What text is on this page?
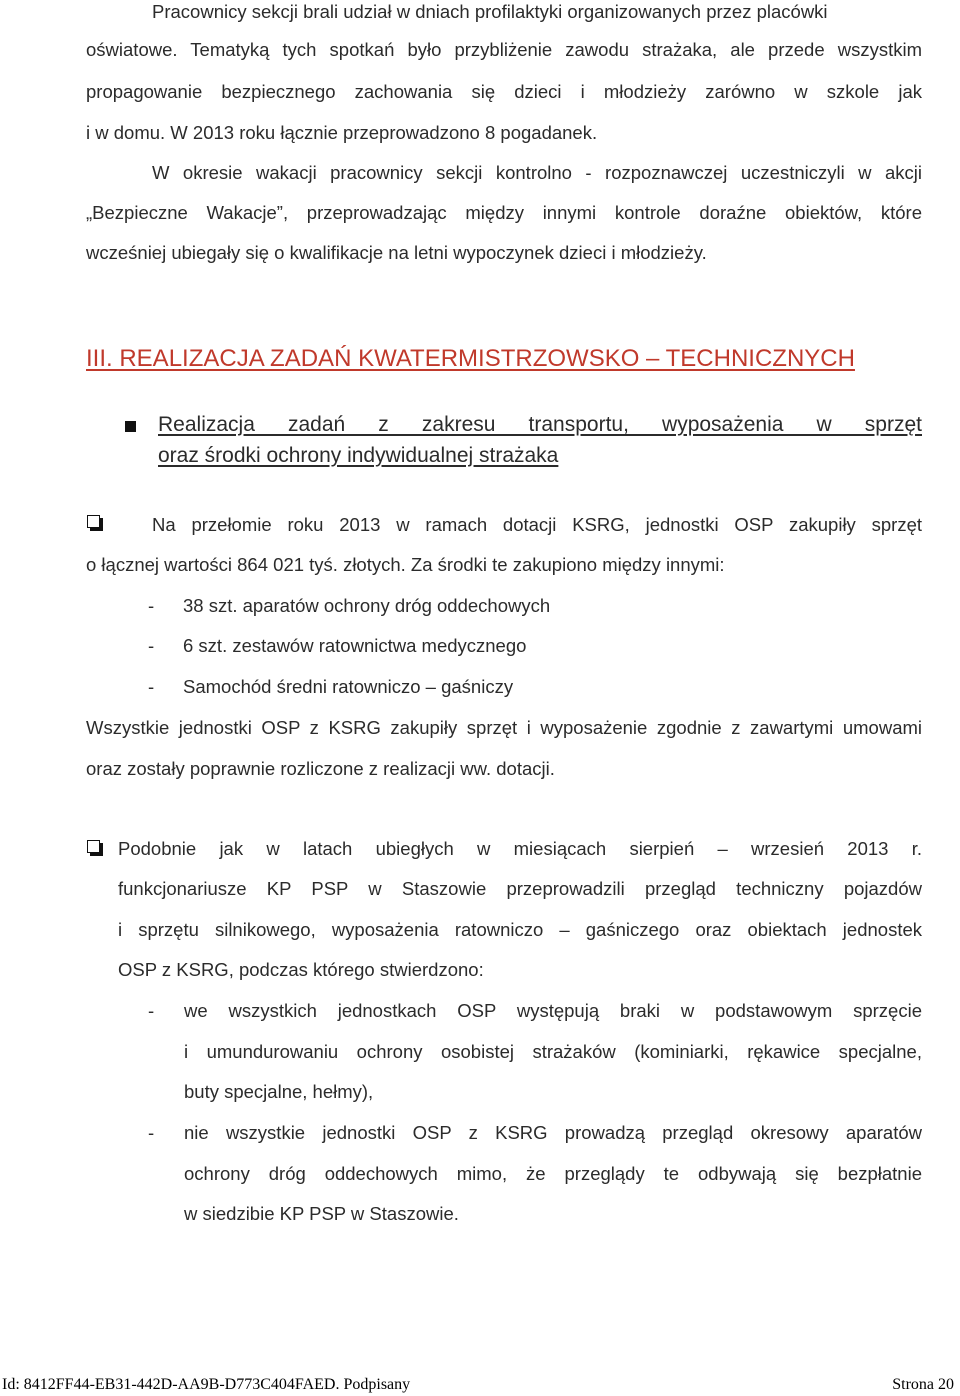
Pracownicy sekcji brali udział w dniach profilaktyki organizowanych przez placówki
oświatowe. Tematyką tych spotkań było przybliżenie zawodu strażaka, ale przede wszystkim
propagowanie bezpiecznego zachowania się dzieci i młodzieży zarówno w szkole jak
i w domu. W 2013 roku łącznie przeprowadzono 8 pogadanek.
W okresie wakacji pracownicy sekcji kontrolno - rozpoznawczej uczestniczyli w akcji
„Bezpieczne Wakacje”, przeprowadzając między innymi kontrole doraźne obiektów, które
wcześniej ubiegały się o kwalifikacje na letni wypoczynek dzieci i młodzieży.
III. REALIZACJA ZADAŃ KWATERMISTRZOWSKO – TECHNICZNYCH
Realizacja zadań z zakresu transportu, wyposażenia w sprzęt
oraz środki ochrony indywidualnej strażaka
Na przełomie roku 2013 w ramach dotacji KSRG, jednostki OSP zakupiły sprzęt
o łącznej wartości 864 021 tyś. złotych. Za środki te zakupiono między innymi:
- 38 szt. aparatów ochrony dróg oddechowych
- 6 szt. zestawów ratownictwa medycznego
- Samochód średni ratowniczo – gaśniczy
Wszystkie jednostki OSP z KSRG zakupiły sprzęt i wyposażenie zgodnie z zawartymi umowami
oraz zostały poprawnie rozliczone z realizacji ww. dotacji.
Podobnie jak w latach ubiegłych w miesiącach sierpień – wrzesień 2013 r.
funkcjonariusze KP PSP w Staszowie przeprowadzili przegląd techniczny pojazdów
i sprzętu silnikowego, wyposażenia ratowniczo – gaśniczego oraz obiektach jednostek
OSP z KSRG, podczas którego stwierdzono:
- we wszystkich jednostkach OSP występują braki w podstawowym sprzęcie
i umundurowaniu ochrony osobistej strażaków (kominiarki, rękawice specjalne,
buty specjalne, hełmy),
- nie wszystkie jednostki OSP z KSRG prowadzą przegląd okresowy aparatów
ochrony dróg oddechowych mimo, że przeglądy te odbywają się bezpłatnie
w siedzibie KP PSP w Staszowie.
Id: 8412FF44-EB31-442D-AA9B-D773C404FAED. Podpisany	Strona 20
